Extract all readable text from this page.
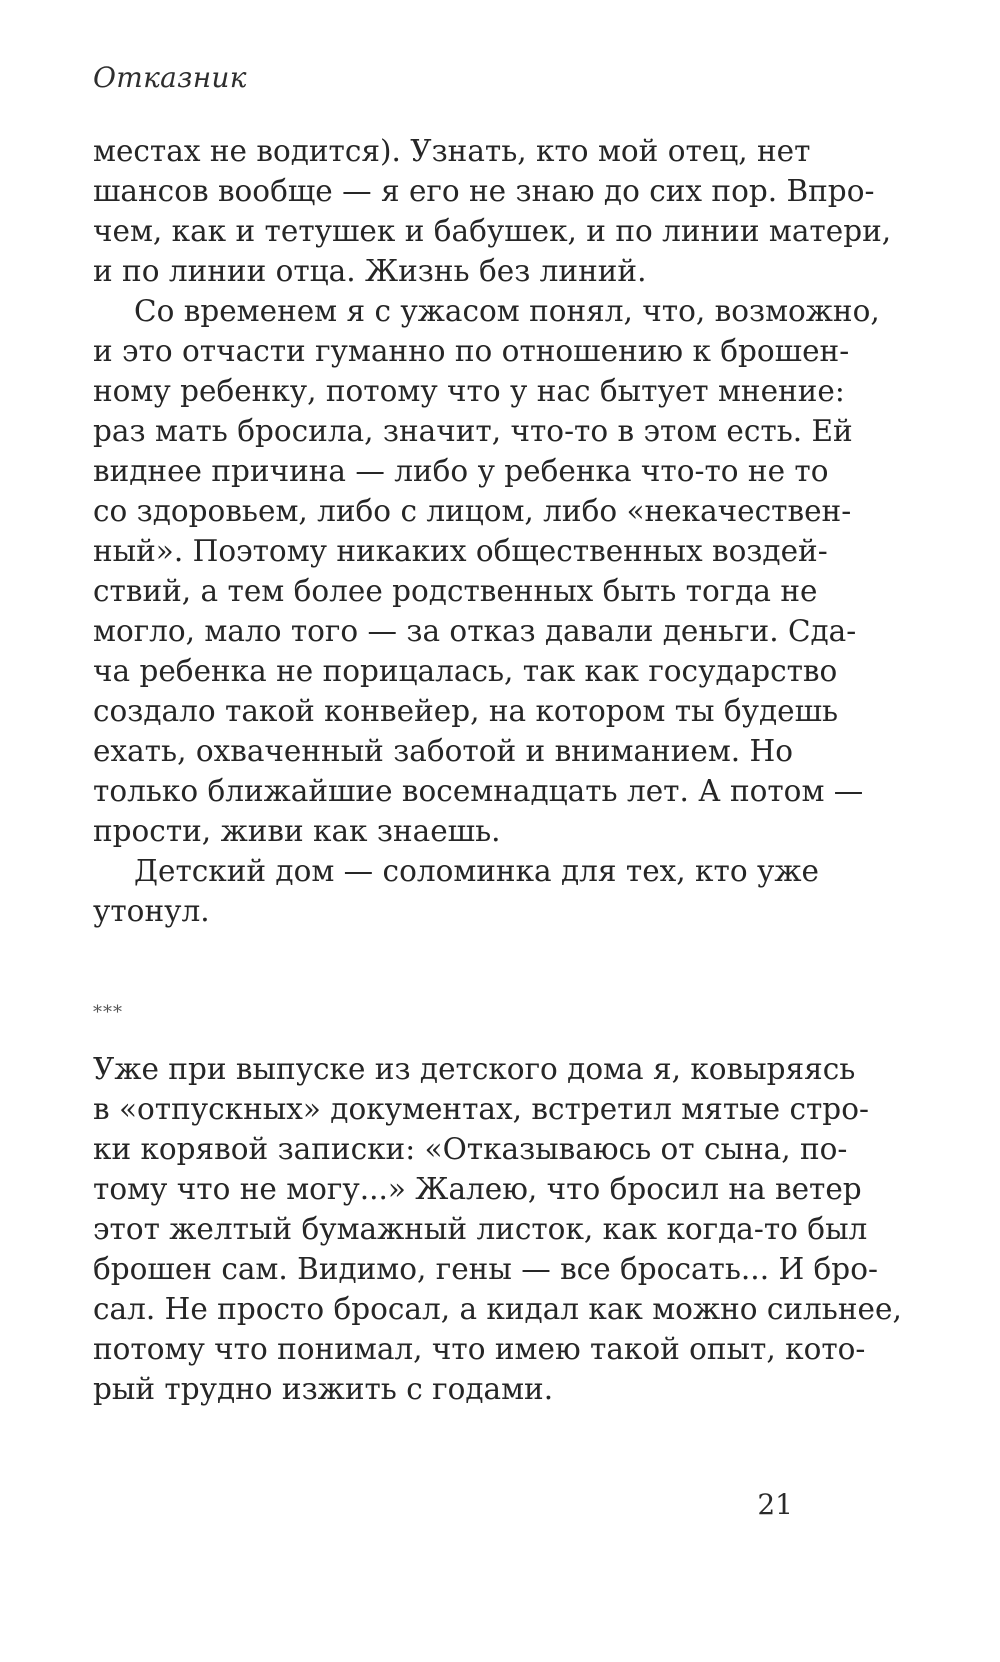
Отказник
местах не водится). Узнать, кто мой отец, нет
шансов вообще — я его не знаю до сих пор. Впро-
чем, как и тетушек и бабушек, и по линии матери,
и по линии отца. Жизнь без линий.
Со временем я с ужасом понял, что, возможно,
и это отчасти гуманно по отношению к брошен-
ному ребенку, потому что у нас бытует мнение:
раз мать бросила, значит, что-то в этом есть. Ей
виднее причина — либо у ребенка что-то не то
со здоровьем, либо с лицом, либо «некачествен-
ный». Поэтому никаких общественных воздей-
ствий, а тем более родственных быть тогда не
могло, мало того — за отказ давали деньги. Сда-
ча ребенка не порицалась, так как государство
создало такой конвейер, на котором ты будешь
ехать, охваченный заботой и вниманием. Но
только ближайшие восемнадцать лет. А потом —
прости, живи как знаешь.
Детский дом — соломинка для тех, кто уже
утонул.
***
Уже при выпуске из детского дома я, ковыряясь
в «отпускных» документах, встретил мятые стро-
ки корявой записки: «Отказываюсь от сына, по-
тому что не могу...» Жалею, что бросил на ветер
этот желтый бумажный листок, как когда-то был
брошен сам. Видимо, гены — все бросать... И бро-
сал. Не просто бросал, а кидал как можно сильнее,
потому что понимал, что имею такой опыт, кото-
рый трудно изжить с годами.
21
